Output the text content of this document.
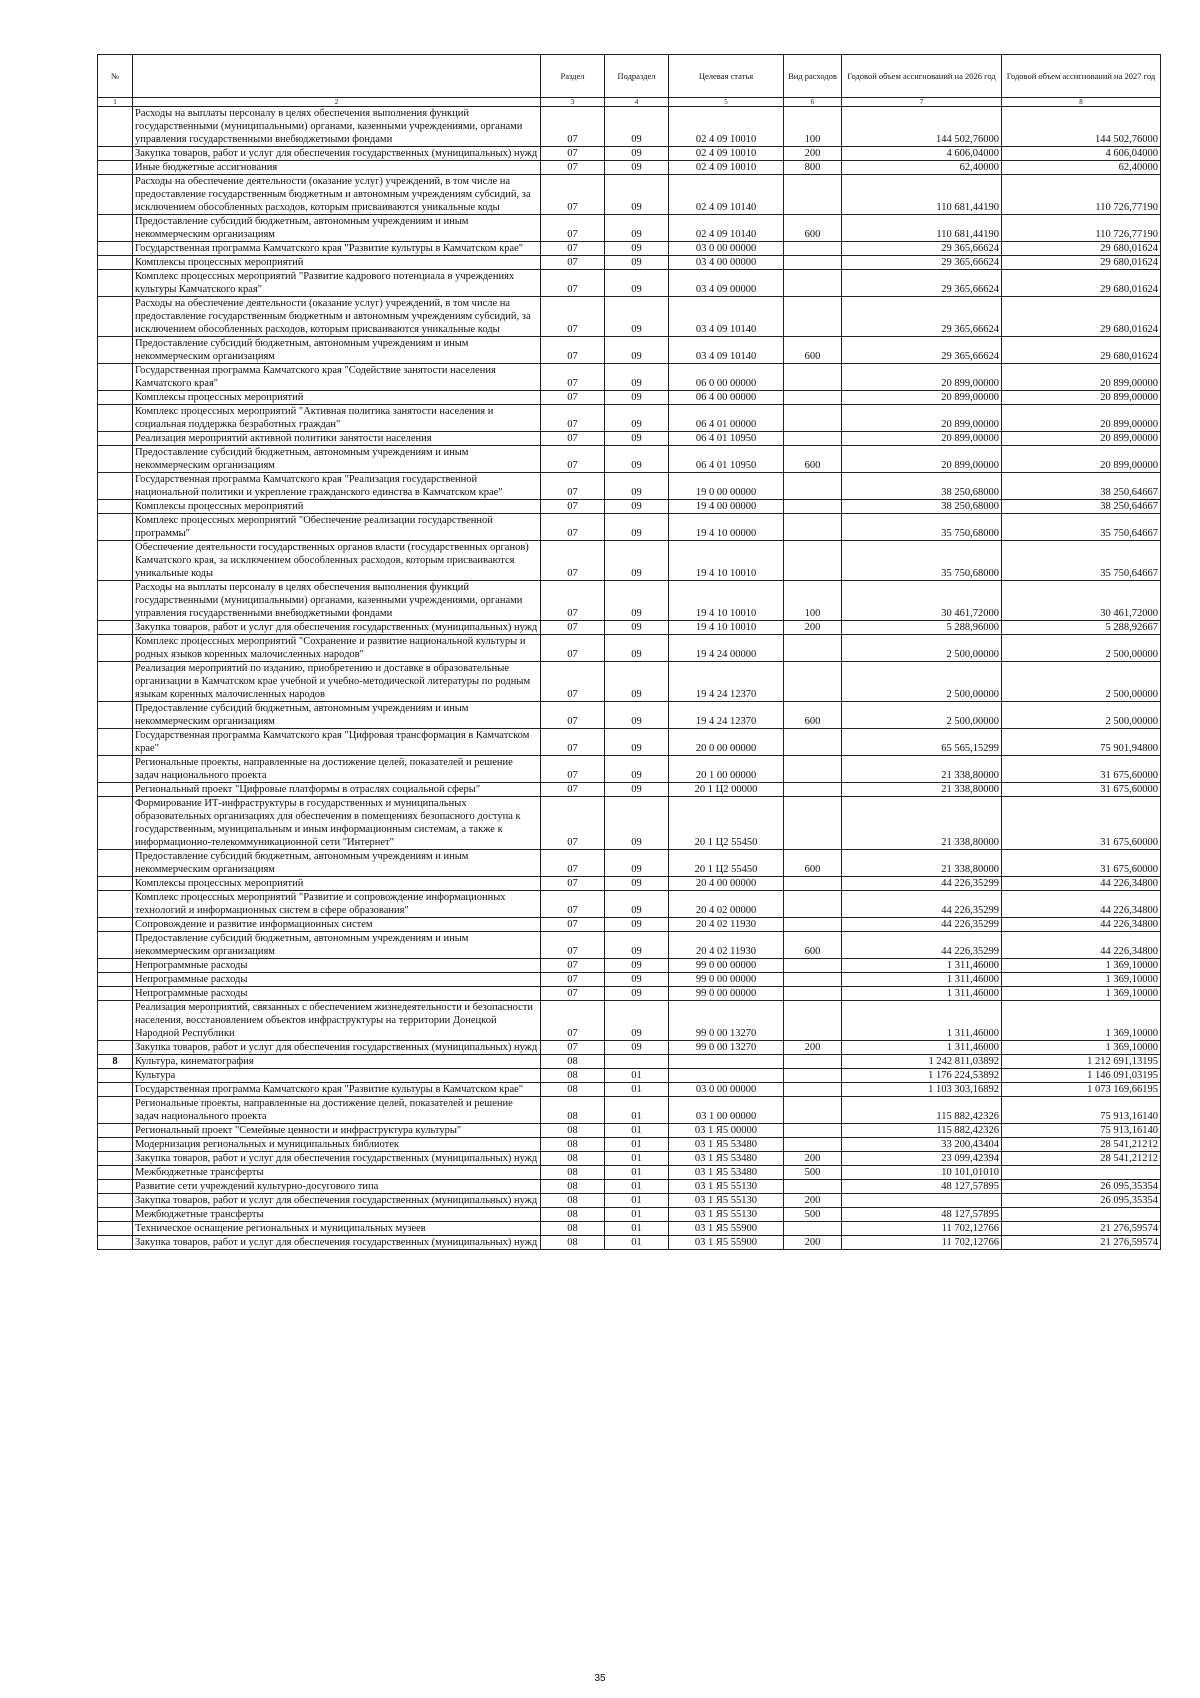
№		Раздел	Подраздел	Целевая статья	Вид расходов	Годовой объем ассигнований на 2026 год	Годовой объем ассигнований на 2027 год
1	2	3	4	5	6	7	8
	Расходы на выплаты персоналу в целях обеспечения выполнения функций государственными (муниципальными) органами, казенными учреждениями, органами управления государственными внебюджетными фондами	07	09	02 4 09 10010	100	144 502,76000	144 502,76000
	Закупка товаров, работ и услуг для обеспечения государственных (муниципальных) нужд	07	09	02 4 09 10010	200	4 606,04000	4 606,04000
	Иные бюджетные ассигнования	07	09	02 4 09 10010	800	62,40000	62,40000
	Расходы на обеспечение деятельности (оказание услуг) учреждений, в том числе на предоставление государственным бюджетным и автономным учреждениям субсидий, за исключением обособленных расходов, которым присваиваются уникальные коды	07	09	02 4 09 10140		110 681,44190	110 726,77190
	Предоставление субсидий бюджетным, автономным учреждениям и иным некоммерческим организациям	07	09	02 4 09 10140	600	110 681,44190	110 726,77190
	Государственная программа Камчатского края "Развитие культуры в Камчатском крае"	07	09	03 0 00 00000		29 365,66624	29 680,01624
	Комплексы процессных мероприятий	07	09	03 4 00 00000		29 365,66624	29 680,01624
	Комплекс процессных мероприятий "Развитие кадрового потенциала в учреждениях культуры Камчатского края"	07	09	03 4 09 00000		29 365,66624	29 680,01624
	Расходы на обеспечение деятельности (оказание услуг) учреждений, в том числе на предоставление государственным бюджетным и автономным учреждениям субсидий, за исключением обособленных расходов, которым присваиваются уникальные коды	07	09	03 4 09 10140		29 365,66624	29 680,01624
	Предоставление субсидий бюджетным, автономным учреждениям и иным некоммерческим организациям	07	09	03 4 09 10140	600	29 365,66624	29 680,01624
	Государственная программа Камчатского края "Содействие занятости населения Камчатского края"	07	09	06 0 00 00000		20 899,00000	20 899,00000
	Комплексы процессных мероприятий	07	09	06 4 00 00000		20 899,00000	20 899,00000
	Комплекс процессных мероприятий "Активная политика занятости населения и социальная поддержка безработных граждан"	07	09	06 4 01 00000		20 899,00000	20 899,00000
	Реализация мероприятий активной политики занятости населения	07	09	06 4 01 10950		20 899,00000	20 899,00000
	Предоставление субсидий бюджетным, автономным учреждениям и иным некоммерческим организациям	07	09	06 4 01 10950	600	20 899,00000	20 899,00000
	Государственная программа Камчатского края "Реализация государственной национальной политики и укрепление гражданского единства в Камчатском крае"	07	09	19 0 00 00000		38 250,68000	38 250,64667
	Комплексы процессных мероприятий	07	09	19 4 00 00000		38 250,68000	38 250,64667
	Комплекс процессных мероприятий "Обеспечение реализации государственной программы"	07	09	19 4 10 00000		35 750,68000	35 750,64667
	Обеспечение деятельности государственных органов власти (государственных органов) Камчатского края, за исключением обособленных расходов, которым присваиваются уникальные коды	07	09	19 4 10 10010		35 750,68000	35 750,64667
	Расходы на выплаты персоналу в целях обеспечения выполнения функций государственными (муниципальными) органами, казенными учреждениями, органами управления государственными внебюджетными фондами	07	09	19 4 10 10010	100	30 461,72000	30 461,72000
	Закупка товаров, работ и услуг для обеспечения государственных (муниципальных) нужд	07	09	19 4 10 10010	200	5 288,96000	5 288,92667
	Комплекс процессных мероприятий "Сохранение и развитие национальной культуры и родных языков коренных малочисленных народов"	07	09	19 4 24 00000		2 500,00000	2 500,00000
	Реализация мероприятий по изданию, приобретению и доставке в образовательные организации в Камчатском крае учебной и учебно-методической литературы по родным языкам коренных малочисленных народов	07	09	19 4 24 12370		2 500,00000	2 500,00000
	Предоставление субсидий бюджетным, автономным учреждениям и иным некоммерческим организациям	07	09	19 4 24 12370	600	2 500,00000	2 500,00000
	Государственная программа Камчатского края "Цифровая трансформация в Камчатском крае"	07	09	20 0 00 00000		65 565,15299	75 901,94800
	Региональные проекты, направленные на достижение целей, показателей и решение задач национального проекта	07	09	20 1 00 00000		21 338,80000	31 675,60000
	Региональный проект "Цифровые платформы в отраслях социальной сферы"	07	09	20 1 Ц2 00000		21 338,80000	31 675,60000
	Формирование ИТ-инфраструктуры в государственных и муниципальных образовательных организациях для обеспечения в помещениях безопасного доступа к государственным, муниципальным и иным информационным системам, а также к информационно-телекоммуникационной сети "Интернет"	07	09	20 1 Ц2 55450		21 338,80000	31 675,60000
	Предоставление субсидий бюджетным, автономным учреждениям и иным некоммерческим организациям	07	09	20 1 Ц2 55450	600	21 338,80000	31 675,60000
	Комплексы процессных мероприятий	07	09	20 4 00 00000		44 226,35299	44 226,34800
	Комплекс процессных мероприятий "Развитие и сопровождение информационных технологий и информационных систем в сфере образования"	07	09	20 4 02 00000		44 226,35299	44 226,34800
	Сопровождение и развитие информационных систем	07	09	20 4 02 11930		44 226,35299	44 226,34800
	Предоставление субсидий бюджетным, автономным учреждениям и иным некоммерческим организациям	07	09	20 4 02 11930	600	44 226,35299	44 226,34800
	Непрограммные расходы	07	09	99 0 00 00000		1 311,46000	1 369,10000
	Непрограммные расходы	07	09	99 0 00 00000		1 311,46000	1 369,10000
	Непрограммные расходы	07	09	99 0 00 00000		1 311,46000	1 369,10000
	Реализация мероприятий, связанных с обеспечением жизнедеятельности и безопасности населения, восстановлением объектов инфраструктуры на территории Донецкой Народной Республики	07	09	99 0 00 13270		1 311,46000	1 369,10000
	Закупка товаров, работ и услуг для обеспечения государственных (муниципальных) нужд	07	09	99 0 00 13270	200	1 311,46000	1 369,10000
8	Культура, кинематография	08				1 242 811,03892	1 212 691,13195
	Культура	08	01			1 176 224,53892	1 146 091,03195
	Государственная программа Камчатского края "Развитие культуры в Камчатском крае"	08	01	03 0 00 00000		1 103 303,16892	1 073 169,66195
	Региональные проекты, направленные на достижение целей, показателей и решение задач национального проекта	08	01	03 1 00 00000		115 882,42326	75 913,16140
	Региональный проект "Семейные ценности и инфраструктура культуры"	08	01	03 1 Я5 00000		115 882,42326	75 913,16140
	Модернизация региональных и муниципальных библиотек	08	01	03 1 Я5 53480		33 200,43404	28 541,21212
	Закупка товаров, работ и услуг для обеспечения государственных (муниципальных) нужд	08	01	03 1 Я5 53480	200	23 099,42394	28 541,21212
	Межбюджетные трансферты	08	01	03 1 Я5 53480	500	10 101,01010	
	Развитие сети учреждений культурно-досугового типа	08	01	03 1 Я5 55130		48 127,57895	26 095,35354
	Закупка товаров, работ и услуг для обеспечения государственных (муниципальных) нужд	08	01	03 1 Я5 55130	200		26 095,35354
	Межбюджетные трансферты	08	01	03 1 Я5 55130	500	48 127,57895	
	Техническое оснащение региональных и муниципальных музеев	08	01	03 1 Я5 55900		11 702,12766	21 276,59574
	Закупка товаров, работ и услуг для обеспечения государственных (муниципальных) нужд	08	01	03 1 Я5 55900	200	11 702,12766	21 276,59574
35
